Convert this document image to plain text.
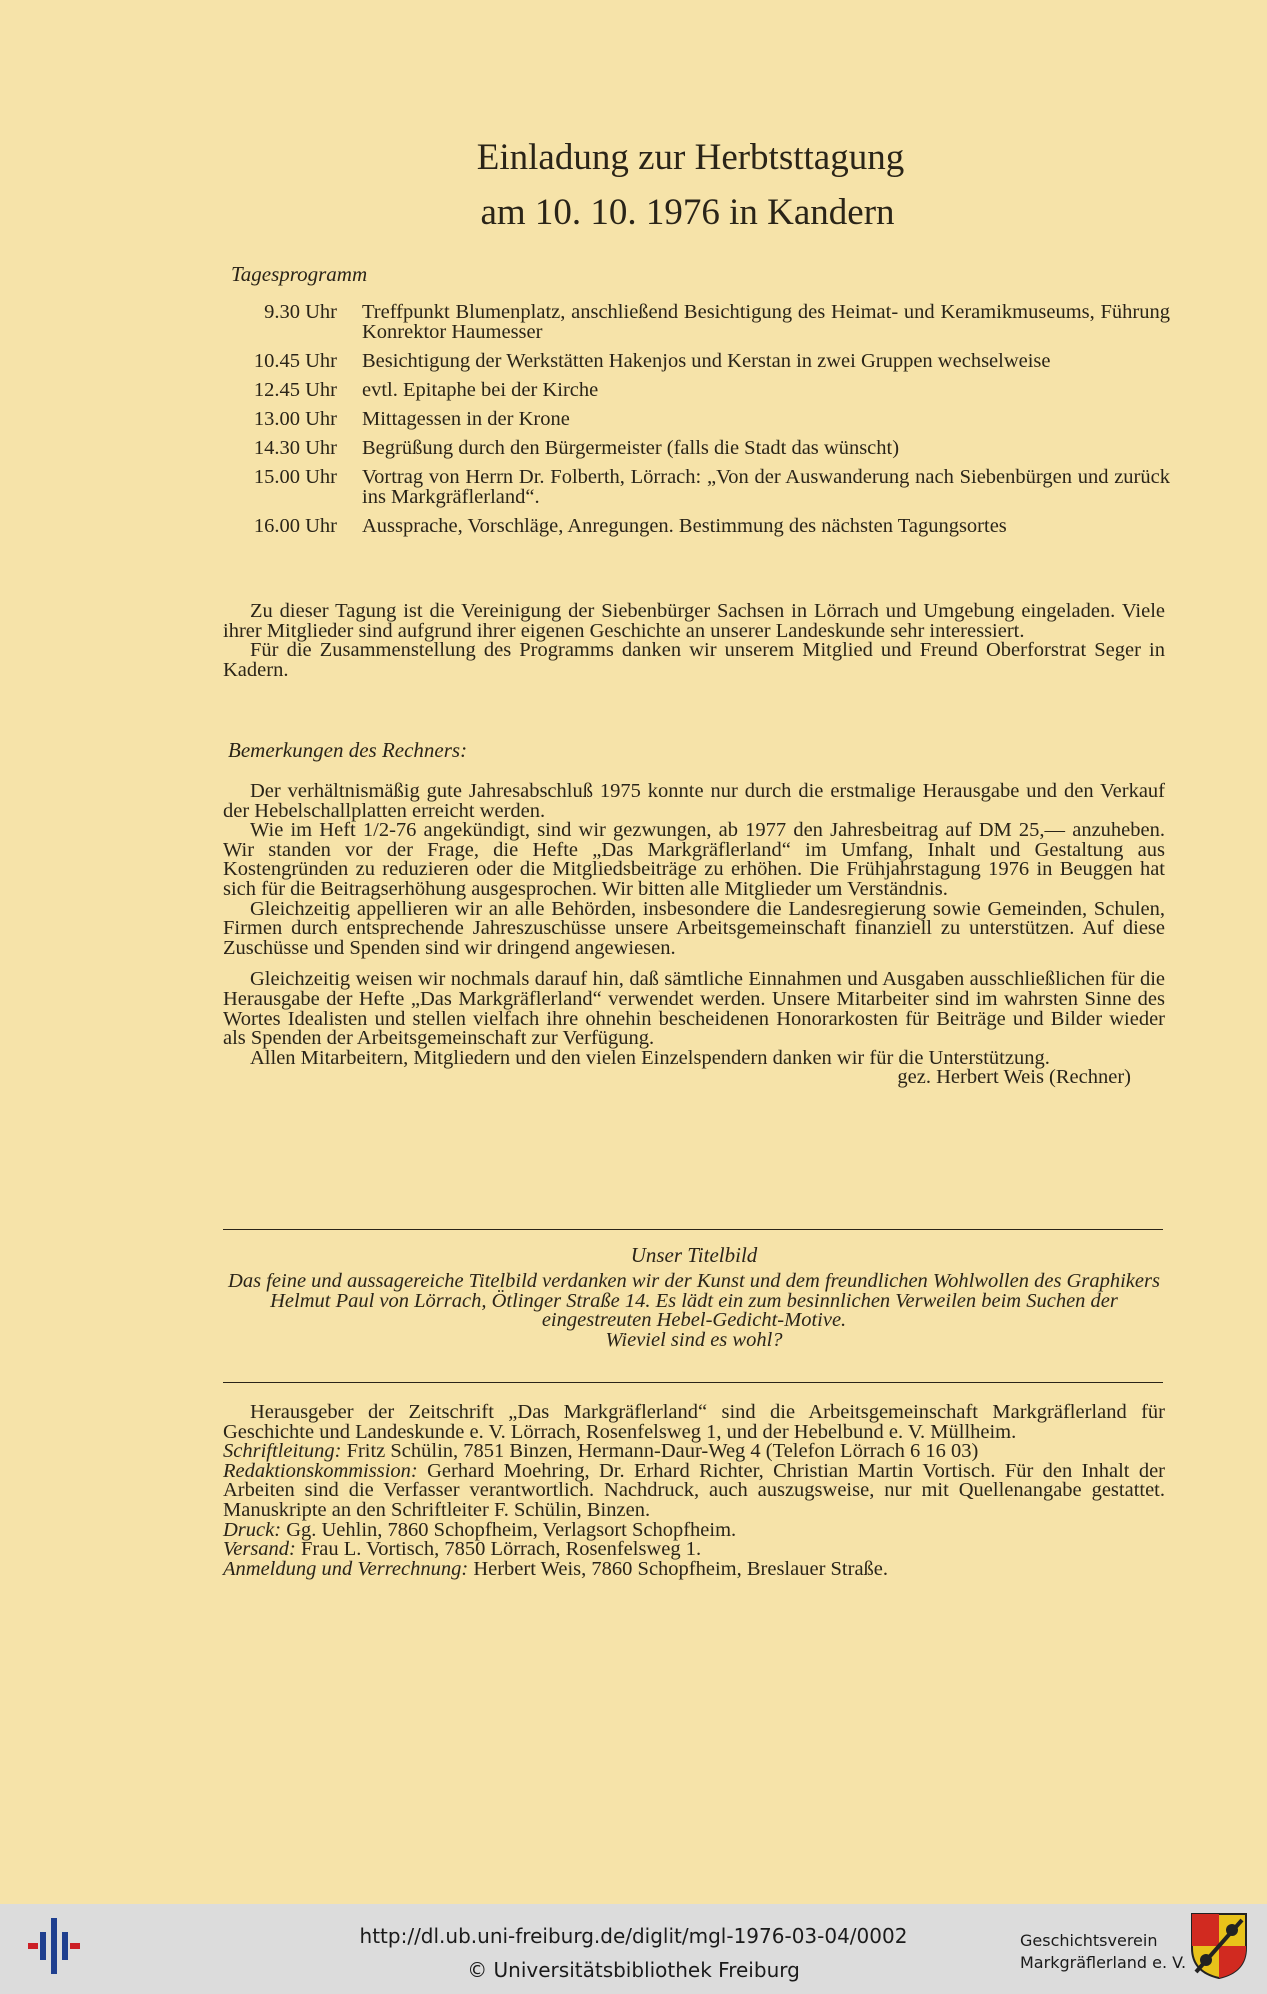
Einladung zur Herbtsttagung
am 10. 10. 1976 in Kandern
Tagesprogramm
9.30 Uhr	Treffpunkt Blumenplatz, anschließend Besichtigung des Heimat- und Keramikmuseums, Führung Konrektor Haumesser
10.45 Uhr	Besichtigung der Werkstätten Hakenjos und Kerstan in zwei Gruppen wechselweise
12.45 Uhr	evtl. Epitaphe bei der Kirche
13.00 Uhr	Mittagessen in der Krone
14.30 Uhr	Begrüßung durch den Bürgermeister (falls die Stadt das wünscht)
15.00 Uhr	Vortrag von Herrn Dr. Folberth, Lörrach: „Von der Auswanderung nach Siebenbürgen und zurück ins Markgräflerland“.
16.00 Uhr	Aussprache, Vorschläge, Anregungen. Bestimmung des nächsten Tagungsortes

Zu dieser Tagung ist die Vereinigung der Siebenbürger Sachsen in Lörrach und Umgebung eingeladen. Viele ihrer Mitglieder sind aufgrund ihrer eigenen Geschichte an unserer Landeskunde sehr interessiert.

Für die Zusammenstellung des Programms danken wir unserem Mitglied und Freund Oberforstrat Seger in Kadern.

Bemerkungen des Rechners:

Der verhältnismäßig gute Jahresabschluß 1975 konnte nur durch die erstmalige Herausgabe und den Verkauf der Hebelschallplatten erreicht werden.

Wie im Heft 1/2-76 angekündigt, sind wir gezwungen, ab 1977 den Jahresbeitrag auf DM 25,— anzuheben. Wir standen vor der Frage, die Hefte „Das Markgräflerland“ im Umfang, Inhalt und Gestaltung aus Kostengründen zu reduzieren oder die Mitgliedsbeiträge zu erhöhen. Die Frühjahrstagung 1976 in Beuggen hat sich für die Beitragserhöhung ausgesprochen. Wir bitten alle Mitglieder um Verständnis.

Gleichzeitig appellieren wir an alle Behörden, insbesondere die Landesregierung sowie Gemeinden, Schulen, Firmen durch entsprechende Jahreszuschüsse unsere Arbeitsgemeinschaft finanziell zu unterstützen. Auf diese Zuschüsse und Spenden sind wir dringend angewiesen.

Gleichzeitig weisen wir nochmals darauf hin, daß sämtliche Einnahmen und Ausgaben ausschließlichen für die Herausgabe der Hefte „Das Markgräflerland“ verwendet werden. Unsere Mitarbeiter sind im wahrsten Sinne des Wortes Idealisten und stellen vielfach ihre ohnehin bescheidenen Honorarkosten für Beiträge und Bilder wieder als Spenden der Arbeitsgemeinschaft zur Verfügung.

Allen Mitarbeitern, Mitgliedern und den vielen Einzelspendern danken wir für die Unterstützung.

gez. Herbert Weis (Rechner)
Unser Titelbild

Das feine und aussagereiche Titelbild verdanken wir der Kunst und dem freundlichen Wohlwollen des Graphikers Helmut Paul von Lörrach, Ötlinger Straße 14. Es lädt ein zum besinnlichen Verweilen beim Suchen der eingestreuten Hebel-Gedicht-Motive.

Wieviel sind es wohl?

Herausgeber der Zeitschrift „Das Markgräflerland“ sind die Arbeitsgemeinschaft Markgräflerland für Geschichte und Landeskunde e. V. Lörrach, Rosenfelsweg 1, und der Hebelbund e. V. Müllheim.

Schriftleitung: Fritz Schülin, 7851 Binzen, Hermann-Daur-Weg 4 (Telefon Lörrach 6 16 03)

Redaktionskommission: Gerhard Moehring, Dr. Erhard Richter, Christian Martin Vortisch. Für den Inhalt der Arbeiten sind die Verfasser verantwortlich. Nachdruck, auch auszugsweise, nur mit Quellenangabe gestattet. Manuskripte an den Schriftleiter F. Schülin, Binzen.

Druck: Gg. Uehlin, 7860 Schopfheim, Verlagsort Schopfheim.

Versand: Frau L. Vortisch, 7850 Lörrach, Rosenfelsweg 1.

Anmeldung und Verrechnung: Herbert Weis, 7860 Schopfheim, Breslauer Straße.

http://dl.ub.uni-freiburg.de/diglit/mgl-1976-03-04/0002
© Universitätsbibliothek Freiburg
Geschichtsverein
Markgräflerland e. V.
